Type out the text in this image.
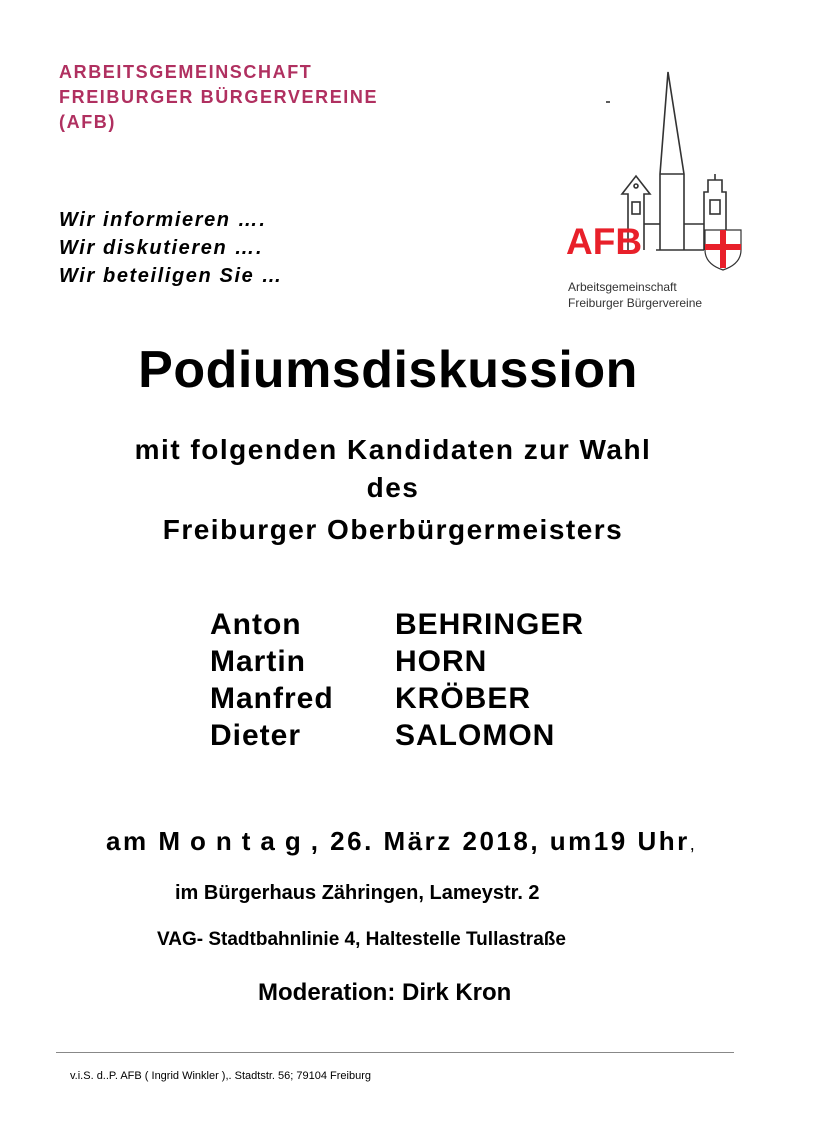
ARBEITSGEMEINSCHAFT
FREIBURGER BÜRGERVEREINE
(AFB)
Wir informieren ….
Wir diskutieren ….
Wir beteiligen Sie …
AFB
Arbeitsgemeinschaft
Freiburger Bürgervereine
Podiumsdiskussion
mit folgenden Kandidaten zur Wahl
des
Freiburger Oberbürgermeisters
Anton	BEHRINGER
Martin	HORN
Manfred KRÖBER
Dieter	SALOMON
am Montag, 26. März 2018, um19 Uhr,
im Bürgerhaus Zähringen, Lameystr. 2
VAG- Stadtbahnlinie 4, Haltestelle Tullastraße
Moderation: Dirk Kron
v.i.S. d..P. AFB ( Ingrid Winkler ),. Stadtstr. 56; 79104 Freiburg
